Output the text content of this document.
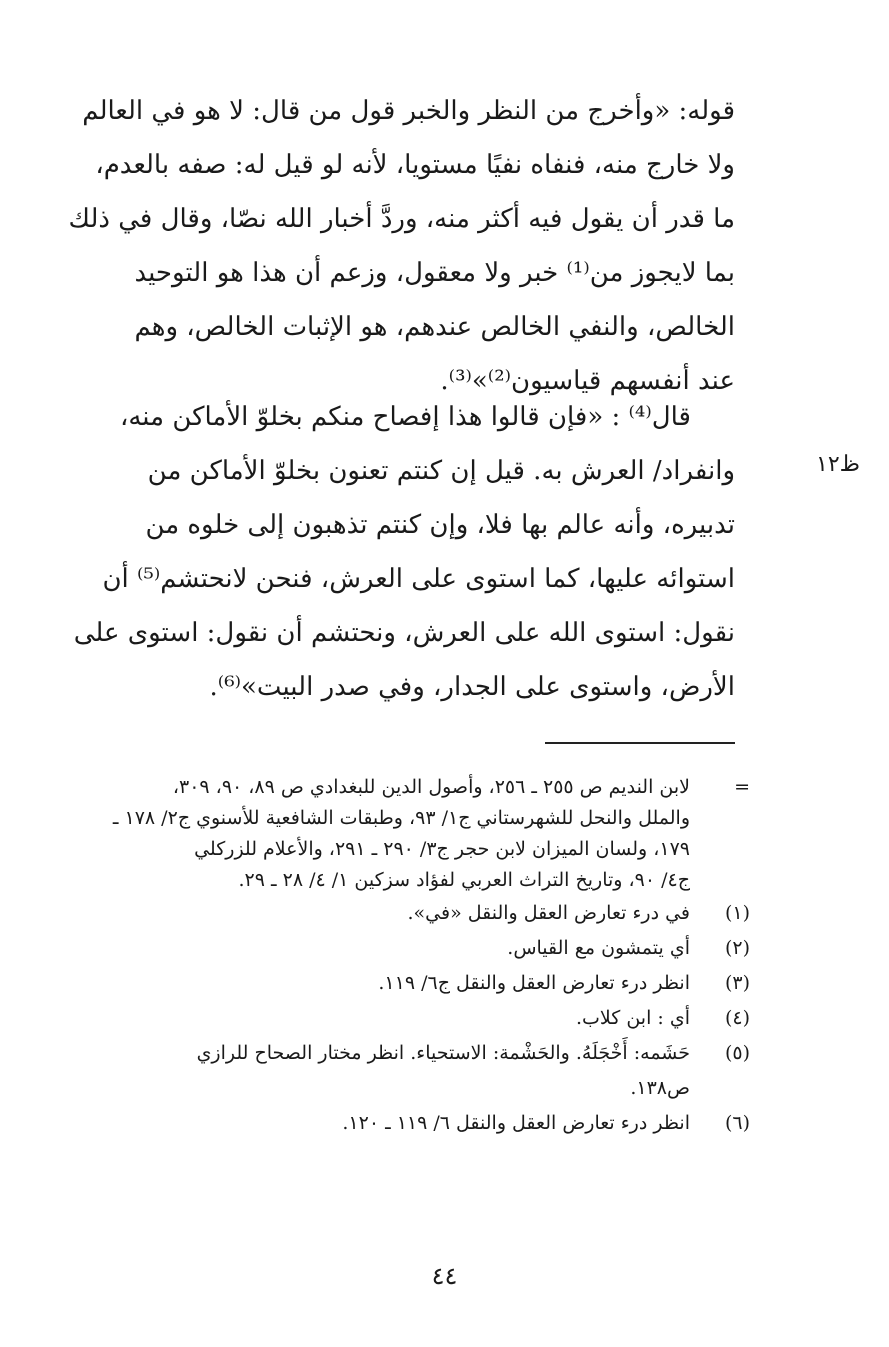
ظ١٢
قوله: «وأخرج من النظر والخبر قول من قال: لا هو في العالم
ولا خارج منه، فنفاه نفيًا مستويا، لأنه لو قيل له: صفه بالعدم،
ما قدر أن يقول فيه أكثر منه، وردَّ أخبار الله نصّا، وقال في ذلك
بما لايجوز من⁽¹⁾ خبر ولا معقول، وزعم أن هذا هو التوحيد
الخالص، والنفي الخالص عندهم، هو الإثبات الخالص، وهم
عند أنفسهم قياسيون⁽²⁾»⁽³⁾.
قال⁽⁴⁾ : «فإن قالوا هذا إفصاح منكم بخلوّ الأماكن منه،
وانفراد/ العرش به. قيل إن كنتم تعنون بخلوّ الأماكن من
تدبيره، وأنه عالم بها فلا، وإن كنتم تذهبون إلى خلوه من
استوائه عليها، كما استوى على العرش، فنحن لانحتشم⁽⁵⁾ أن
نقول: استوى الله على العرش، ونحتشم أن نقول: استوى على
الأرض، واستوى على الجدار، وفي صدر البيت»⁽⁶⁾.
=
لابن النديم ص ٢٥٥ ـ ٢٥٦، وأصول الدين للبغدادي ص ٨٩، ٩٠، ٣٠٩،
والملل والنحل للشهرستاني ج١/ ٩٣، وطبقات الشافعية للأسنوي ج٢/ ١٧٨ ـ
١٧٩، ولسان الميزان لابن حجر ج٣/ ٢٩٠ ـ ٢٩١، والأعلام للزركلي
ج٤/ ٩٠، وتاريخ التراث العربي لفؤاد سزكين ١/ ٤/ ٢٨ ـ ٢٩.
(١)
في درء تعارض العقل والنقل «في».
(٢)
أي يتمشون مع القياس.
(٣)
انظر درء تعارض العقل والنقل ج٦/ ١١٩.
(٤)
أي : ابن كلاب.
(٥)
حَشَمه: أَخْجَلَهُ. والحَشْمة: الاستحياء. انظر مختار الصحاح للرازي
ص١٣٨.
(٦)
انظر درء تعارض العقل والنقل ٦/ ١١٩ ـ ١٢٠.
٤٤
